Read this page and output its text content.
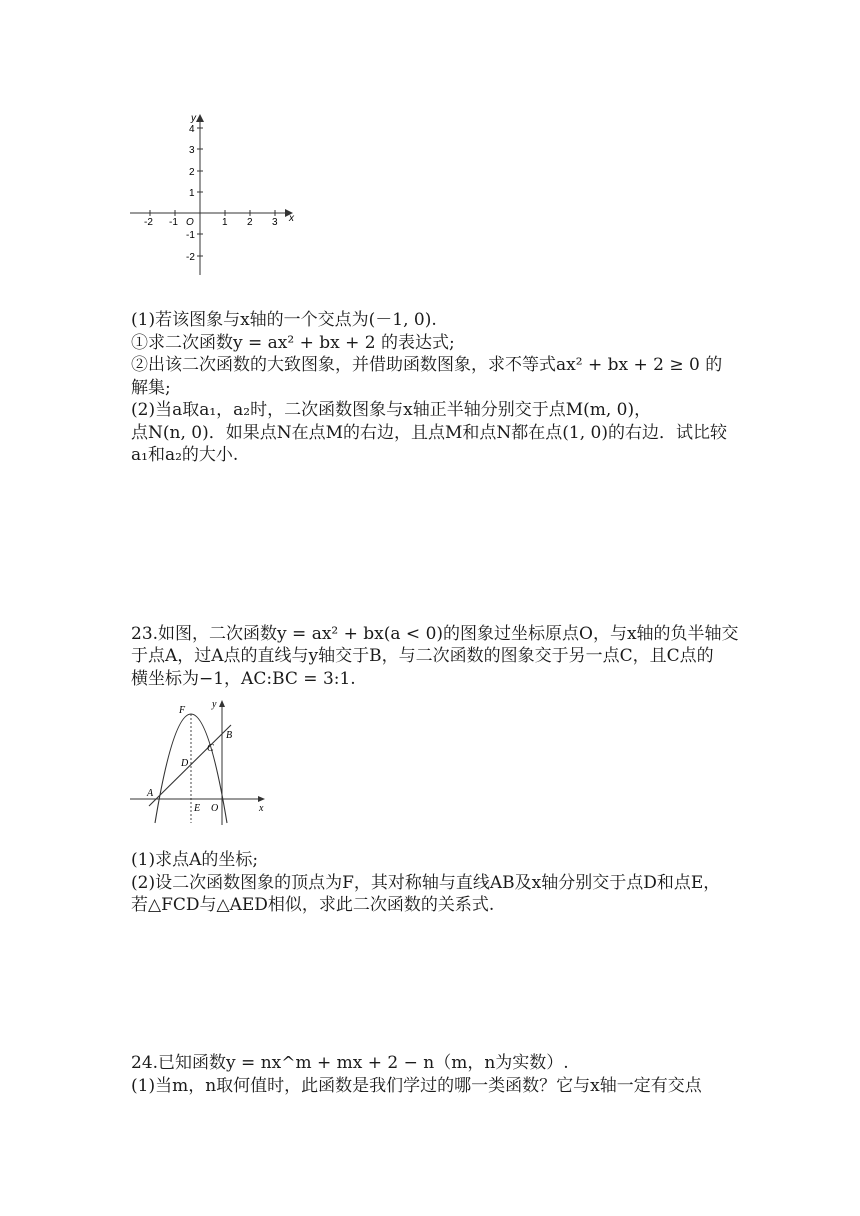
x
y
O
-2 -1	1 2 3
4
3
2
1
-1
-2
(1)若该图象与x轴的一个交点为(－1, 0).
①求二次函数y = ax² + bx + 2 的表达式;
②出该二次函数的大致图象，并借助函数图象，求不等式ax² + bx + 2 ≥ 0 的
解集;
(2)当a取a₁，a₂时，二次函数图象与x轴正半轴分别交于点M(m, 0)，
点N(n, 0)．如果点N在点M的右边，且点M和点N都在点(1, 0)的右边．试比较
a₁和a₂的大小.
23.如图，二次函数y = ax² + bx(a < 0)的图象过坐标原点O，与x轴的负半轴交
于点A，过A点的直线与y轴交于B，与二次函数的图象交于另一点C，且C点的
横坐标为−1，AC:BC = 3:1.
F
B
C
D
A
E O	x
y
(1)求点A的坐标;
(2)设二次函数图象的顶点为F，其对称轴与直线AB及x轴分别交于点D和点E，
若△FCD与△AED相似，求此二次函数的关系式.
24.已知函数y = nx^m + mx + 2 − n（m，n为实数）.
(1)当m，n取何值时，此函数是我们学过的哪一类函数？它与x轴一定有交点
